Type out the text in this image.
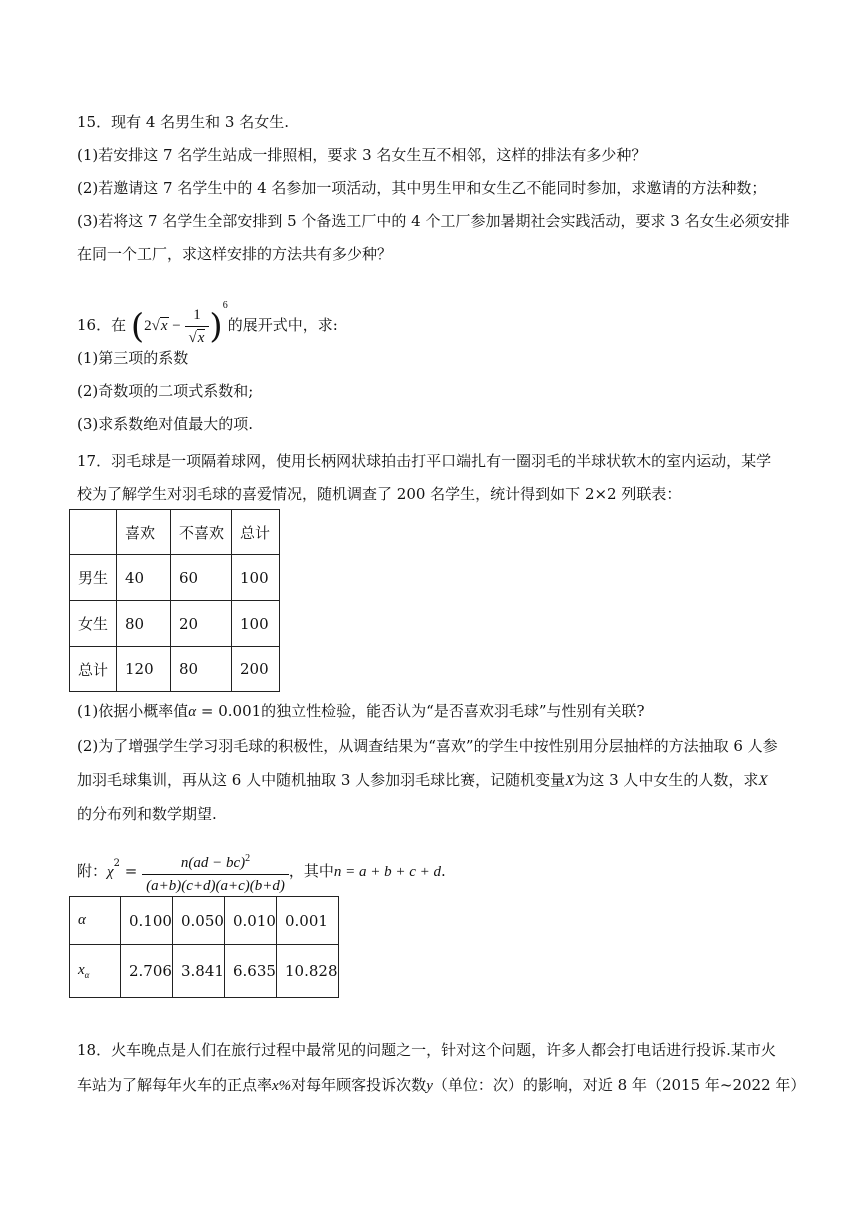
15．现有 4 名男生和 3 名女生.
(1)若安排这 7 名学生站成一排照相，要求 3 名女生互不相邻，这样的排法有多少种？
(2)若邀请这 7 名学生中的 4 名参加一项活动，其中男生甲和女生乙不能同时参加，求邀请的方法种数；
(3)若将这 7 名学生全部安排到 5 个备选工厂中的 4 个工厂参加暑期社会实践活动，要求 3 名女生必须安排
在同一个工厂，求这样安排的方法共有多少种？
16．在 $(2√x - \frac{1}{√x} )^6$的展开式中，求:
(1)第三项的系数
(2)奇数项的二项式系数和;
(3)求系数绝对值最大的项.
17．羽毛球是一项隔着球网，使用长柄网状球拍击打平口端扎有一圈羽毛的半球状软木的室内运动，某学
校为了解学生对羽毛球的喜爱情况，随机调查了 200 名学生，统计得到如下 2×2 列联表：
	喜欢	不喜欢	总计
男生	40	60	100
女生	80	20	100
总计	120	80	200
(1)依据小概率值α = 0.001的独立性检验，能否认为“是否喜欢羽毛球”与性别有关联?
(2)为了增强学生学习羽毛球的积极性，从调查结果为“喜欢”的学生中按性别用分层抽样的方法抽取 6 人参
加羽毛球集训，再从这 6 人中随机抽取 3 人参加羽毛球比赛，记随机变量X为这 3 人中女生的人数，求X
的分布列和数学期望.
附：$\chi^2 = \frac{n(ad - bc)^2}{(a+b)(c+d)(a+c)(b+d)}$ ，其中n = a + b + c + d.
α	0.100	0.050	0.010	0.001
$x_\alpha$	2.706	3.841	6.635	10.828
18．火车晚点是人们在旅行过程中最常见的问题之一，针对这个问题，许多人都会打电话进行投诉.某市火
车站为了解每年火车的正点率x%对每年顾客投诉次数y（单位：次）的影响，对近 8 年（2015 年~2022 年）
